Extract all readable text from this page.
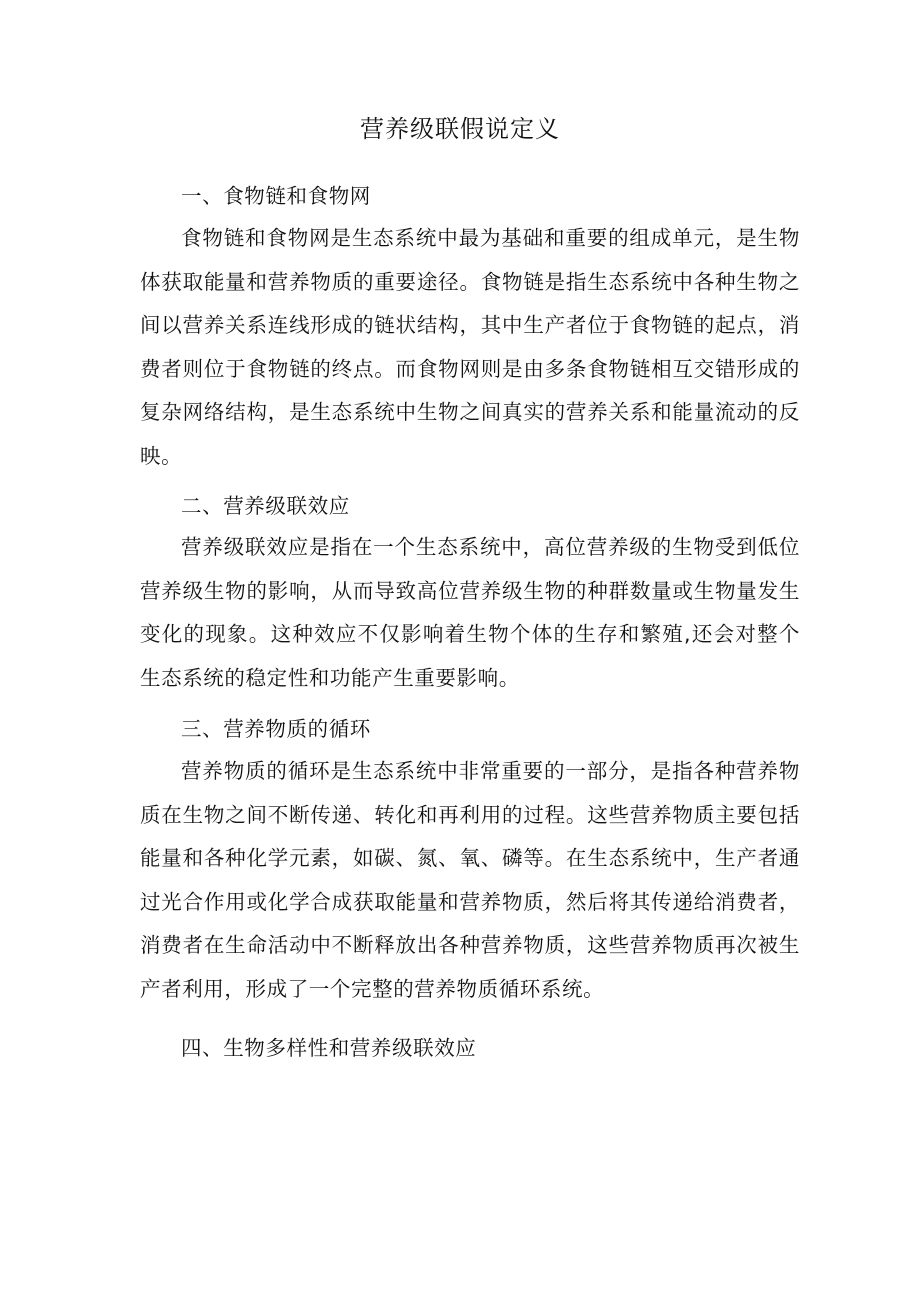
营养级联假说定义
一、食物链和食物网

食物链和食物网是生态系统中最为基础和重要的组成单元，是生物体获取能量和营养物质的重要途径。食物链是指生态系统中各种生物之间以营养关系连线形成的链状结构，其中生产者位于食物链的起点，消费者则位于食物链的终点。而食物网则是由多条食物链相互交错形成的复杂网络结构，是生态系统中生物之间真实的营养关系和能量流动的反映。

二、营养级联效应

营养级联效应是指在一个生态系统中，高位营养级的生物受到低位营养级生物的影响，从而导致高位营养级生物的种群数量或生物量发生变化的现象。这种效应不仅影响着生物个体的生存和繁殖,还会对整个生态系统的稳定性和功能产生重要影响。

三、营养物质的循环

营养物质的循环是生态系统中非常重要的一部分，是指各种营养物质在生物之间不断传递、转化和再利用的过程。这些营养物质主要包括能量和各种化学元素，如碳、氮、氧、磷等。在生态系统中，生产者通过光合作用或化学合成获取能量和营养物质，然后将其传递给消费者，消费者在生命活动中不断释放出各种营养物质，这些营养物质再次被生产者利用，形成了一个完整的营养物质循环系统。

四、生物多样性和营养级联效应
